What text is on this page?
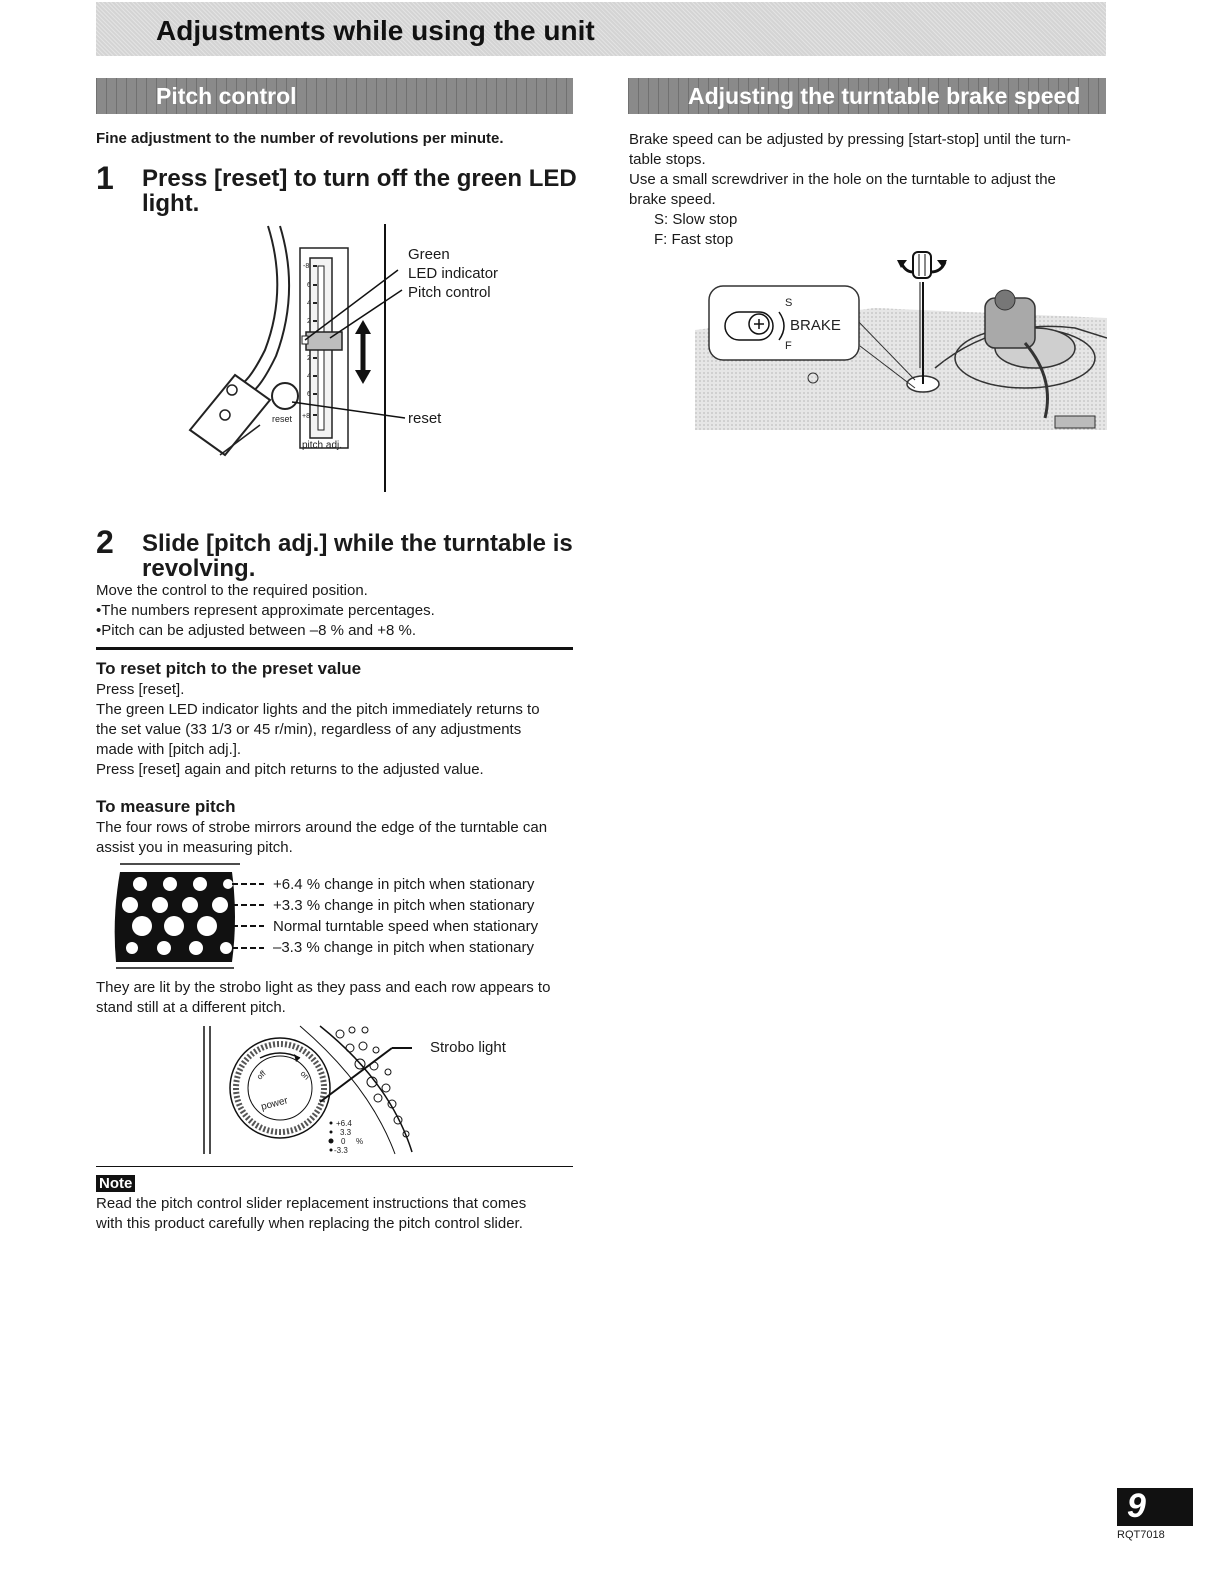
Adjustments while using the unit
Pitch control
Fine adjustment to the number of revolutions per minute.
1 Press [reset] to turn off the green LED
light.
-8
6
4
2
2
4
6
+8
reset
pitch adj.
Green
LED indicator
Pitch control
reset
2 Slide [pitch adj.] while the turntable is
revolving.

Move the control to the required position.

•The numbers represent approximate percentages.

•Pitch can be adjusted between –8 % and +8 %.

To reset pitch to the preset value

Press [reset].

The green LED indicator lights and the pitch immediately returns to

the set value (33 1/3 or 45 r/min), regardless of any adjustments

made with [pitch adj.].

Press [reset] again and pitch returns to the adjusted value.

To measure pitch

The four rows of strobe mirrors around the edge of the turntable can

assist you in measuring pitch.

+6.4 % change in pitch when stationary
+3.3 % change in pitch when stationary
Normal turntable speed when stationary
–3.3 % change in pitch when stationary

They are lit by the strobo light as they pass and each row appears to

stand still at a different pitch.

off	on
power
+6.4
3.3
0 %
-3.3
Strobo light
Note

Read the pitch control slider replacement instructions that comes

with this product carefully when replacing the pitch control slider.

Adjusting the turntable brake speed

Brake speed can be adjusted by pressing [start-stop] until the turn-

table stops.

Use a small screwdriver in the hole on the turntable to adjust the

brake speed.

S: Slow stop

F: Fast stop

BRAKE
S
F
9
RQT7018
